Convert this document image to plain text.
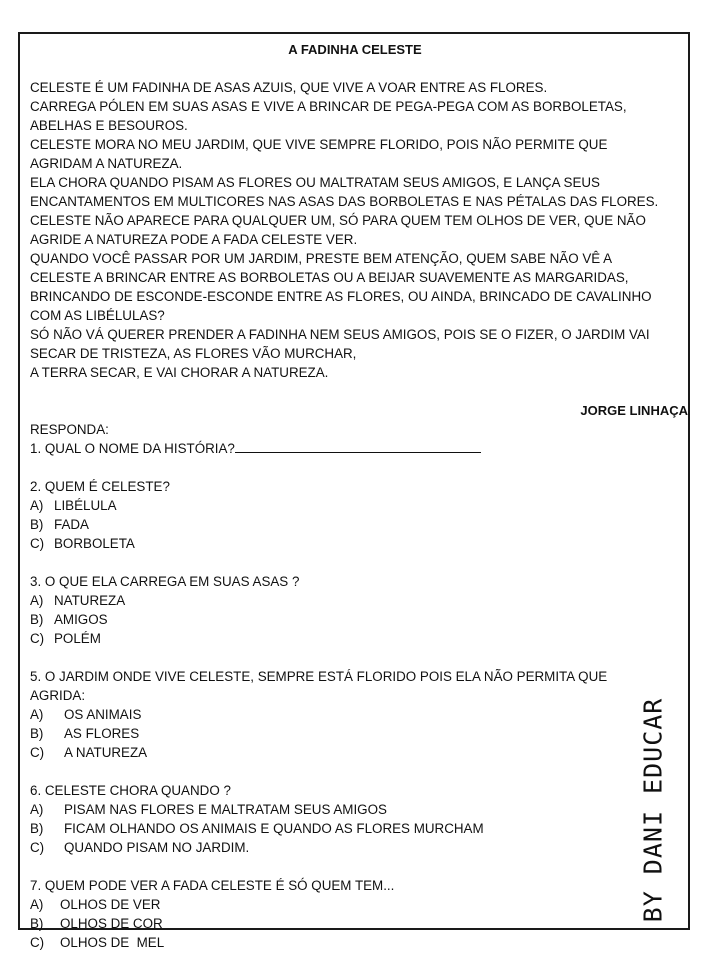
A FADINHA CELESTE

CELESTE É UM FADINHA DE ASAS AZUIS, QUE VIVE A VOAR ENTRE AS FLORES.

CARREGA PÓLEN EM SUAS ASAS E VIVE A BRINCAR DE PEGA-PEGA COM AS BORBOLETAS, ABELHAS E BESOUROS.

CELESTE MORA NO MEU JARDIM, QUE VIVE SEMPRE FLORIDO, POIS NÃO PERMITE QUE AGRIDAM A NATUREZA.

ELA CHORA QUANDO PISAM AS FLORES OU MALTRATAM SEUS AMIGOS, E LANÇA SEUS ENCANTAMENTOS EM MULTICORES NAS ASAS DAS BORBOLETAS E NAS PÉTALAS DAS FLORES.

CELESTE NÃO APARECE PARA QUALQUER UM, SÓ PARA QUEM TEM OLHOS DE VER, QUE NÃO AGRIDE A NATUREZA PODE A FADA CELESTE VER.

QUANDO VOCÊ PASSAR POR UM JARDIM, PRESTE BEM ATENÇÃO, QUEM SABE NÃO VÊ A CELESTE A BRINCAR ENTRE AS BORBOLETAS OU A BEIJAR SUAVEMENTE AS MARGARIDAS, BRINCANDO DE ESCONDE-ESCONDE ENTRE AS FLORES, OU AINDA, BRINCADO DE CAVALINHO COM AS LIBÉLULAS?

SÓ NÃO VÁ QUERER PRENDER A FADINHA NEM SEUS AMIGOS, POIS SE O FIZER, O JARDIM VAI SECAR DE TRISTEZA, AS FLORES VÃO MURCHAR,

A TERRA SECAR, E VAI CHORAR A NATUREZA.

JORGE LINHAÇA

RESPONDA:

1. QUAL O NOME DA HISTÓRIA?

2. QUEM É CELESTE?

A) LIBÉLULA

B) FADA

C) BORBOLETA

3. O QUE ELA CARREGA EM SUAS ASAS ?

A) NATUREZA

B) AMIGOS

C) POLÉM

5. O JARDIM ONDE VIVE CELESTE, SEMPRE ESTÁ FLORIDO POIS ELA NÃO PERMITA QUE AGRIDA:

A) OS ANIMAIS

B) AS FLORES

C) A NATUREZA

6. CELESTE CHORA QUANDO ?

A) PISAM NAS FLORES E MALTRATAM SEUS AMIGOS

B) FICAM OLHANDO OS ANIMAIS E QUANDO AS FLORES MURCHAM

C) QUANDO PISAM NO JARDIM.

7. QUEM PODE VER A FADA CELESTE É SÓ QUEM TEM...

A) OLHOS DE VER

B) OLHOS DE COR

C) OLHOS DE  MEL

BY DANI EDUCAR
